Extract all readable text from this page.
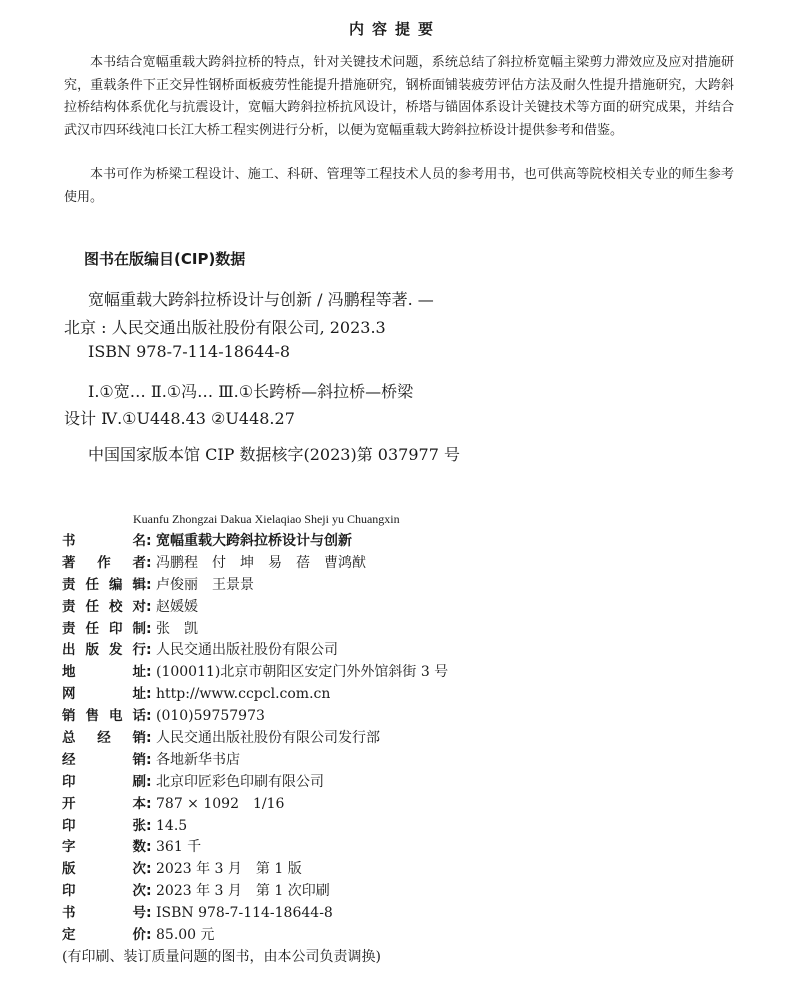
内容提要

本书结合宽幅重载大跨斜拉桥的特点，针对关键技术问题，系统总结了斜拉桥宽幅主梁剪力滞效应及应对措施研究，重载条件下正交异性钢桥面板疲劳性能提升措施研究，钢桥面铺装疲劳评估方法及耐久性提升措施研究，大跨斜拉桥结构体系优化与抗震设计，宽幅大跨斜拉桥抗风设计，桥塔与锚固体系设计关键技术等方面的研究成果，并结合武汉市四环线沌口长江大桥工程实例进行分析，以便为宽幅重载大跨斜拉桥设计提供参考和借鉴。

本书可作为桥梁工程设计、施工、科研、管理等工程技术人员的参考用书，也可供高等院校相关专业的师生参考使用。

图书在版编目(CIP)数据
宽幅重载大跨斜拉桥设计与创新 / 冯鹏程等著. —
北京 : 人民交通出版社股份有限公司, 2023.3
ISBN 978-7-114-18644-8
Ⅰ.①宽… Ⅱ.①冯… Ⅲ.①长跨桥—斜拉桥—桥梁
设计 Ⅳ.①U448.43 ②U448.27
中国国家版本馆 CIP 数据核字(2023)第 037977 号
Kuanfu Zhongzai Dakua Xielaqiao Sheji yu Chuangxin
书名 : 宽幅重载大跨斜拉桥设计与创新
著作者 : 冯鹏程　付　坤　易　蓓　曹鸿猷
责任编辑 : 卢俊丽　王景景
责任校对 : 赵媛媛
责任印制 : 张　凯
出版发行 : 人民交通出版社股份有限公司
地址 : (100011)北京市朝阳区安定门外外馆斜街 3 号
网址 : http://www.ccpcl.com.cn
销售电话 : (010)59757973
总经销 : 人民交通出版社股份有限公司发行部
经销 : 各地新华书店
印刷 : 北京印匠彩色印刷有限公司
开本 : 787 × 1092　1/16
印张 : 14.5
字数 : 361 千
版次 : 2023 年 3 月　第 1 版
印次 : 2023 年 3 月　第 1 次印刷
书号 : ISBN 978-7-114-18644-8
定价 : 85.00 元
(有印刷、装订质量问题的图书，由本公司负责调换)
